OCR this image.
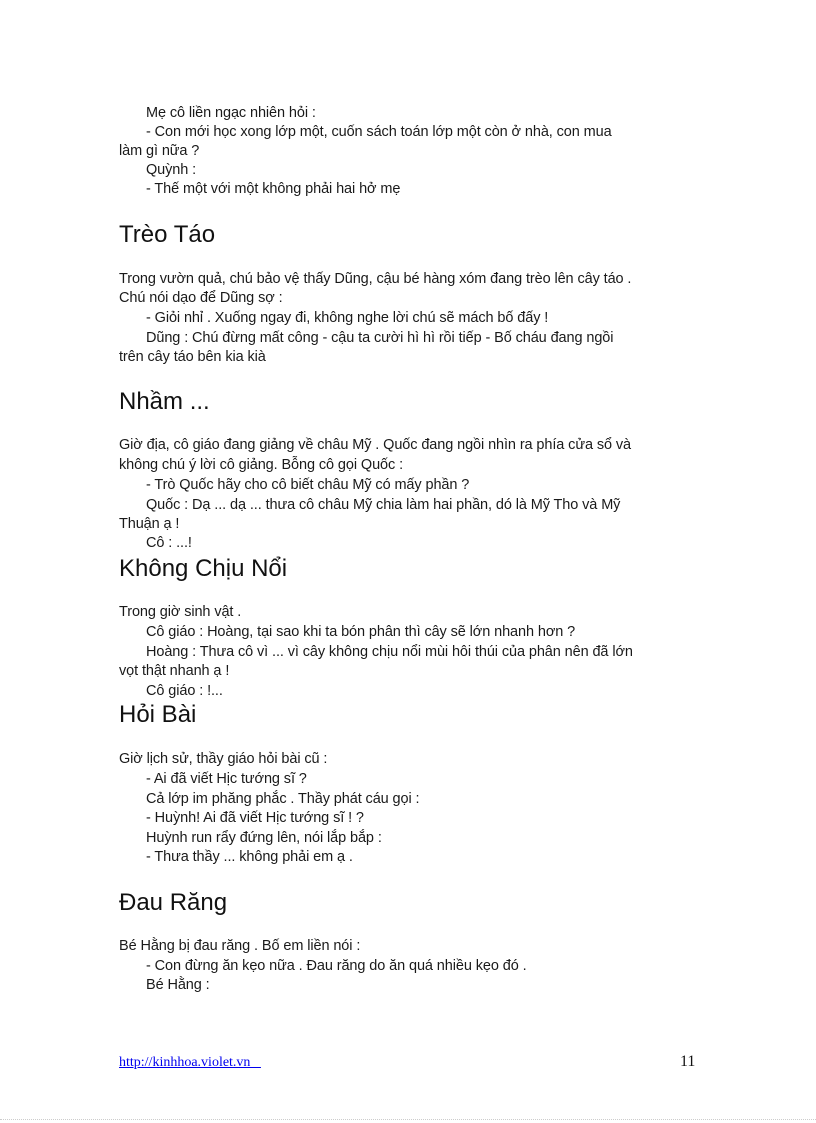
Mẹ cô liền ngạc nhiên hỏi :
- Con mới học xong lớp một, cuốn sách toán lớp một còn ở nhà, con mua
làm gì nữa ?
Quỳnh :
- Thế một với một không phải hai hở mẹ
Trèo Táo
Trong vườn quả, chú bảo vệ thấy Dũng, cậu bé hàng xóm đang trèo lên cây táo .
Chú nói dạo để Dũng sợ :
- Giỏi nhỉ . Xuống ngay đi, không nghe lời chú sẽ mách bố đấy !
Dũng : Chú đừng mất công - cậu ta cười hì hì rồi tiếp - Bố cháu đang ngồi
trên cây táo bên kia kià
Nhầm ...
Giờ địa, cô giáo đang giảng về châu Mỹ . Quốc đang ngồi nhìn ra phía cửa sổ và
không chú ý lời cô giảng. Bỗng cô gọi Quốc :
- Trò Quốc hãy cho cô biết châu Mỹ có mấy phần ?
Quốc : Dạ ... dạ ... thưa cô châu Mỹ chia làm hai phần, dó là Mỹ Tho và Mỹ
Thuận ạ !
Cô : ...!
Không Chịu Nổi
Trong giờ sinh vật .
Cô giáo : Hoàng, tại sao khi ta bón phân thì cây sẽ lớn nhanh hơn ?
Hoàng : Thưa cô vì ... vì cây không chịu nổi mùi hôi thúi của phân nên đã lớn
vọt thật nhanh ạ !
Cô giáo : !...
Hỏi Bài
Giờ lịch sử, thầy giáo hỏi bài cũ :
- Ai đã viết Hịc tướng sĩ ?
Cả lớp im phăng phắc . Thầy phát cáu gọi :
- Huỳnh! Ai đã viết Hịc tướng sĩ ! ?
Huỳnh run rẩy đứng lên, nói lắp bắp :
- Thưa thầy ... không phải em ạ .
Đau Răng
Bé Hằng bị đau răng . Bố em liền nói :
- Con đừng ăn kẹo nữa . Đau răng do ăn quá nhiều kẹo đó .
Bé Hằng :
http://kinhhoa.violet.vn	11
